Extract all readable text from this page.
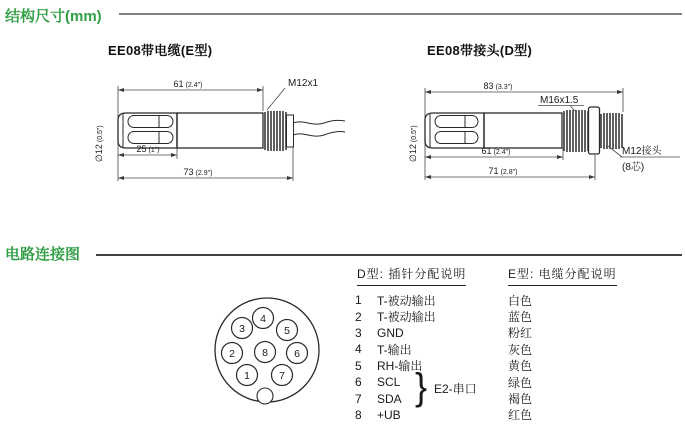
结构尺寸(mm)
EE08带电缆(E型)	EE08带接头(D型)
61 (2.4")	M12x1
25 (1")
73 (2.9")
∅12(0.5")
83 (3.3")
M16x1.5
61 (2.4")
71 (2.8")
∅12(0.5")
M12接头
(8芯)
电路连接图
1
2
3
4
5
6
7
8
D型: 插针分配说明	E型: 电缆分配说明
1	T-被动输出	白色
2	T-被动输出	蓝色
3	GND	粉红
4	T-输出	灰色
5	RH-输出	黄色
6	SCL	绿色
7	SDA	褐色
8	+UB	红色
} E2-串口
